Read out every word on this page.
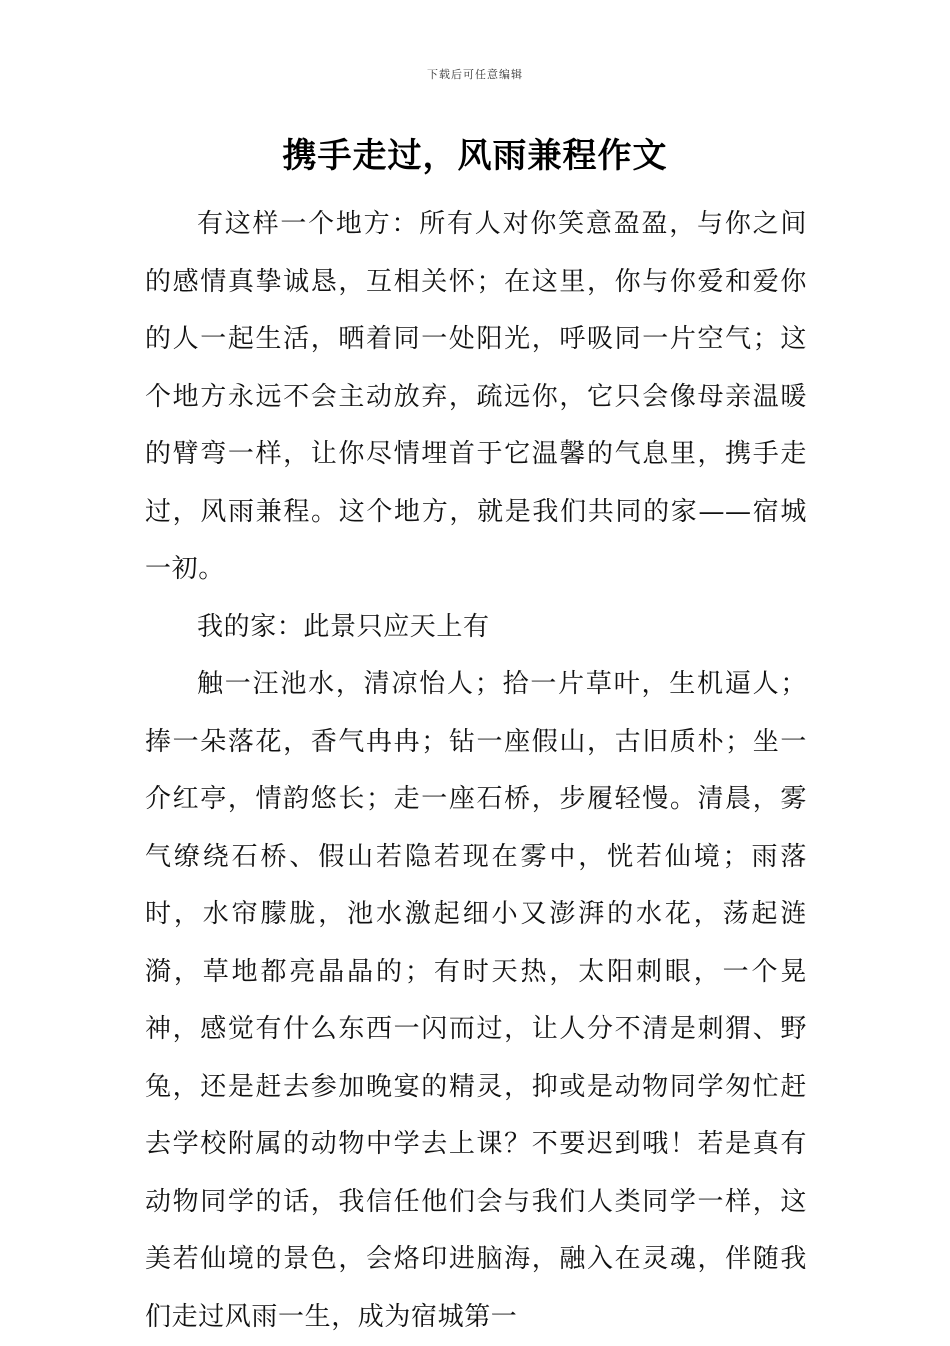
下载后可任意编辑
携手走过，风雨兼程作文

有这样一个地方：所有人对你笑意盈盈，与你之间的感情真挚诚恳，互相关怀；在这里，你与你爱和爱你的人一起生活，晒着同一处阳光，呼吸同一片空气；这个地方永远不会主动放弃，疏远你，它只会像母亲温暖的臂弯一样，让你尽情埋首于它温馨的气息里，携手走过，风雨兼程。这个地方，就是我们共同的家——宿城一初。

我的家：此景只应天上有

触一汪池水，清凉怡人；拾一片草叶，生机逼人；捧一朵落花，香气冉冉；钻一座假山，古旧质朴；坐一介红亭，情韵悠长；走一座石桥，步履轻慢。清晨，雾气缭绕石桥、假山若隐若现在雾中，恍若仙境；雨落时，水帘朦胧，池水激起细小又澎湃的水花，荡起涟漪，草地都亮晶晶的；有时天热，太阳刺眼，一个晃神，感觉有什么东西一闪而过，让人分不清是刺猬、野兔，还是赶去参加晚宴的精灵，抑或是动物同学匆忙赶去学校附属的动物中学去上课？不要迟到哦！若是真有动物同学的话，我信任他们会与我们人类同学一样，这美若仙境的景色，会烙印进脑海，融入在灵魂，伴随我们走过风雨一生，成为宿城第一
